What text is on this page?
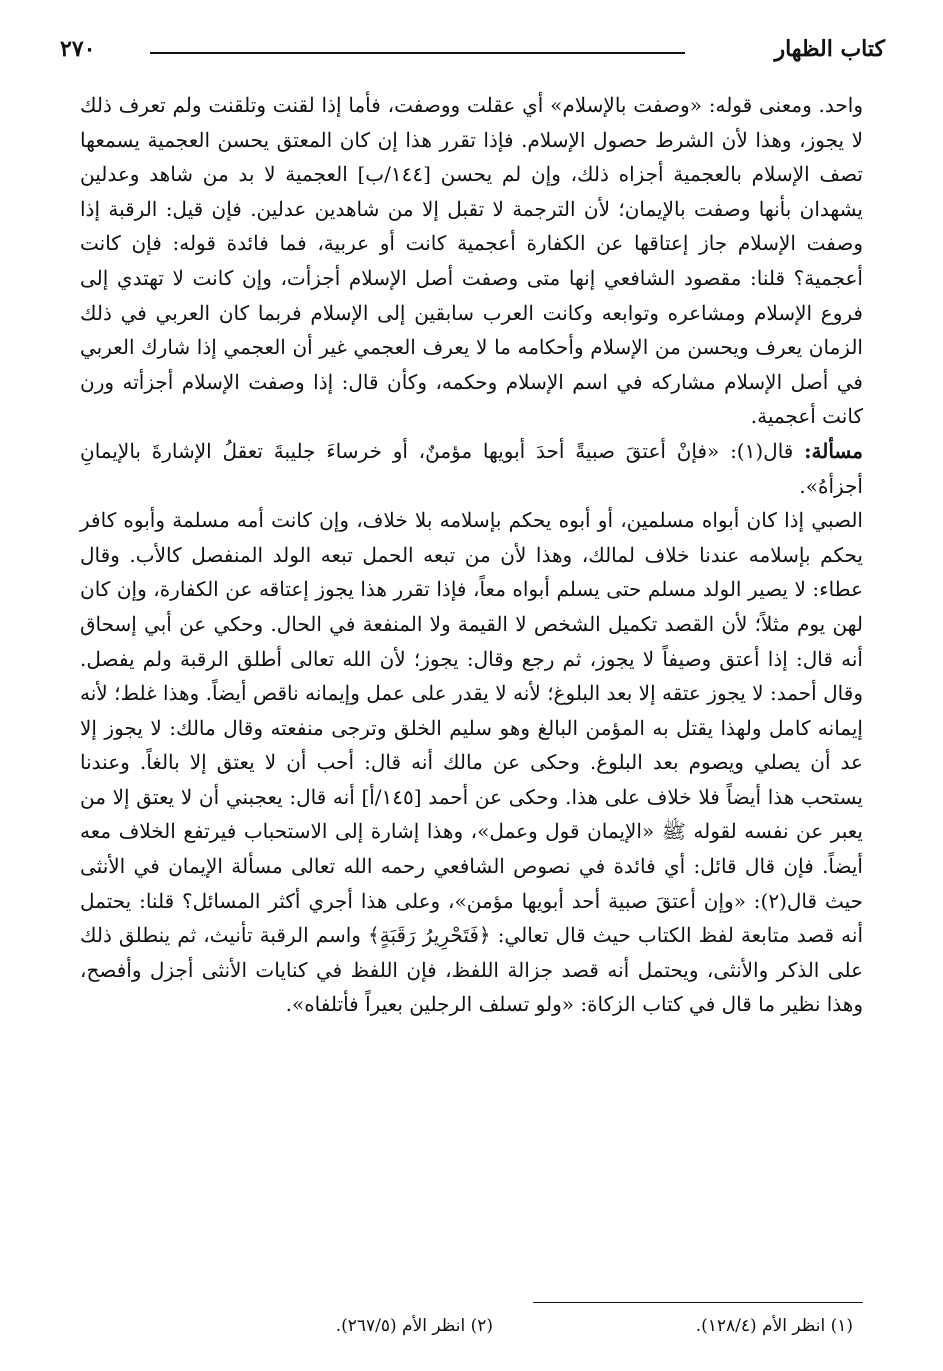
كتاب الظهار
٢٧٠

واحد. ومعنى قوله: «وصفت بالإسلام» أي عقلت ووصفت، فأما إذا لقنت وتلقنت ولم تعرف ذلك لا يجوز، وهذا لأن الشرط حصول الإسلام. فإذا تقرر هذا إن كان المعتق يحسن العجمية يسمعها تصف الإسلام بالعجمية أجزاه ذلك، وإن لم يحسن [١٤٤/ب] العجمية لا بد من شاهد وعدلين يشهدان بأنها وصفت بالإيمان؛ لأن الترجمة لا تقبل إلا من شاهدين عدلين. فإن قيل: الرقبة إذا وصفت الإسلام جاز إعتاقها عن الكفارة أعجمية كانت أو عربية، فما فائدة قوله: فإن كانت أعجمية؟ قلنا: مقصود الشافعي إنها متى وصفت أصل الإسلام أجزأت، وإن كانت لا تهتدي إلى فروع الإسلام ومشاعره وتوابعه وكانت العرب سابقين إلى الإسلام فربما كان العربي في ذلك الزمان يعرف ويحسن من الإسلام وأحكامه ما لا يعرف العجمي غير أن العجمي إذا شارك العربي في أصل الإسلام مشاركه في اسم الإسلام وحكمه، وكأن قال: إذا وصفت الإسلام أجزأته ورن كانت أعجمية.

مسألة: قال(١): «فإنْ أعتقَ صبيةً أحدَ أبويها مؤمنٌ، أو خرساءَ جليبةَ تعقلُ الإشارةَ بالإيمانِ أجزأهُ».

الصبي إذا كان أبواه مسلمين، أو أبوه يحكم بإسلامه بلا خلاف، وإن كانت أمه مسلمة وأبوه كافر يحكم بإسلامه عندنا خلاف لمالك، وهذا لأن من تبعه الحمل تبعه الولد المنفصل كالأب. وقال عطاء: لا يصير الولد مسلم حتى يسلم أبواه معاً، فإذا تقرر هذا يجوز إعتاقه عن الكفارة، وإن كان لهن يوم مثلاً؛ لأن القصد تكميل الشخص لا القيمة ولا المنفعة في الحال. وحكي عن أبي إسحاق أنه قال: إذا أعتق وصيفاً لا يجوز، ثم رجع وقال: يجوز؛ لأن الله تعالى أطلق الرقبة ولم يفصل. وقال أحمد: لا يجوز عتقه إلا بعد البلوغ؛ لأنه لا يقدر على عمل وإيمانه ناقص أيضاً. وهذا غلط؛ لأنه إيمانه كامل ولهذا يقتل به المؤمن البالغ وهو سليم الخلق وترجى منفعته وقال مالك: لا يجوز إلا عد أن يصلي ويصوم بعد البلوغ. وحكى عن مالك أنه قال: أحب أن لا يعتق إلا بالغاً. وعندنا يستحب هذا أيضاً فلا خلاف على هذا. وحكى عن أحمد [١٤٥/أ] أنه قال: يعجبني أن لا يعتق إلا من يعبر عن نفسه لقوله ﷺ «الإيمان قول وعمل»، وهذا إشارة إلى الاستحباب فيرتفع الخلاف معه أيضاً. فإن قال قائل: أي فائدة في نصوص الشافعي رحمه الله تعالى مسألة الإيمان في الأنثى حيث قال(٢): «وإن أعتقَ صبية أحد أبويها مؤمن»، وعلى هذا أجري أكثر المسائل؟ قلنا: يحتمل أنه قصد متابعة لفظ الكتاب حيث قال تعالي: ﴿فَتَحْرِيرُ رَقَبَةٍ﴾ واسم الرقبة تأنيث، ثم ينطلق ذلك على الذكر والأنثى، ويحتمل أنه قصد جزالة اللفظ، فإن اللفظ في كنايات الأنثى أجزل وأفصح، وهذا نظير ما قال في كتاب الزكاة: «ولو تسلف الرجلين بعيراً فأتلفاه».

(١) انظر الأم (١٢٨/٤).
(٢) انظر الأم (٢٦٧/٥).
